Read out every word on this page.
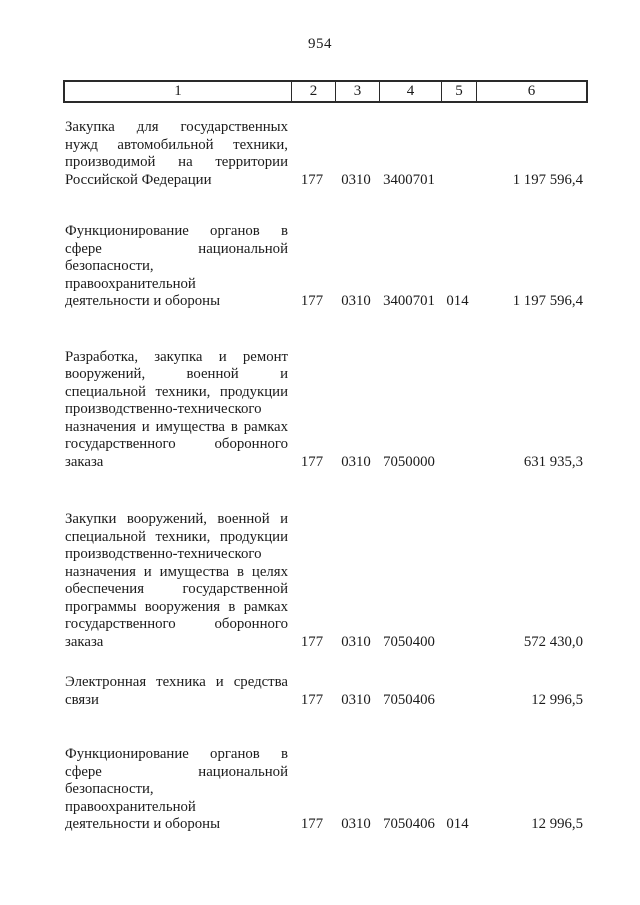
954
1	2	3	4	5	6
Закупка для государственных
нужд автомобильной техники,
производимой на территории
Российской Федерации	177	0310 3400701	1 197 596,4
Функционирование органов в
сфере национальной
безопасности,
правоохранительной
деятельности и обороны	177	0310 3400701 014	1 197 596,4
Разработка, закупка и ремонт
вооружений, военной и
специальной техники, продукции
производственно-технического
назначения и имущества в рамках
государственного оборонного
заказа	177	0310 7050000	631 935,3
Закупки вооружений, военной и
специальной техники, продукции
производственно-технического
назначения и имущества в целях
обеспечения государственной
программы вооружения в рамках
государственного оборонного
заказа	177	0310 7050400	572 430,0
Электронная техника и средства
связи	177	0310 7050406	12 996,5
Функционирование органов в
сфере национальной
безопасности,
правоохранительной
деятельности и обороны	177	0310 7050406 014	12 996,5
